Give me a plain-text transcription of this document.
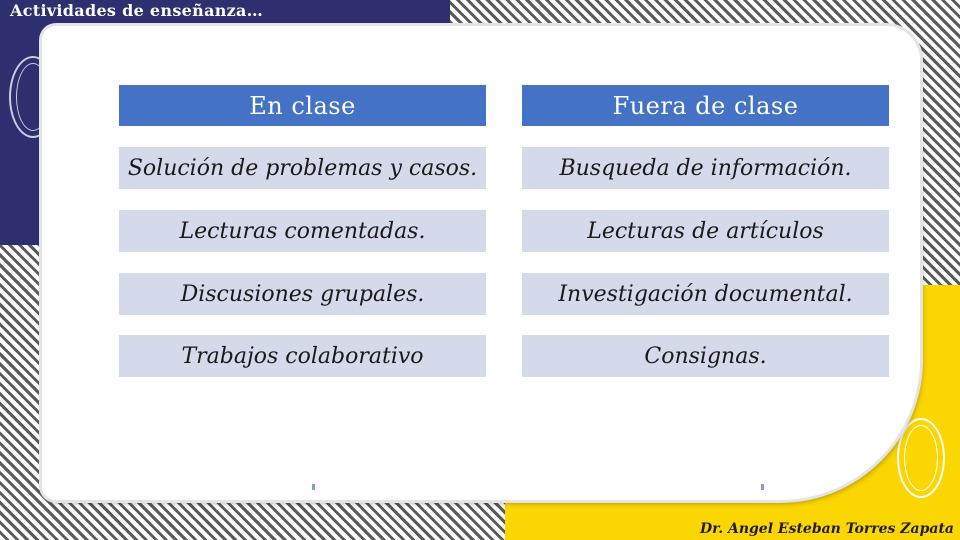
Actividades de enseñanza…
En clase	Fuera de clase
Solución de problemas y casos.
Lecturas comentadas.
Discusiones grupales.
Trabajos colaborativo
Busqueda de información.
Lecturas de artículos
Investigación documental.
Consignas.
Dr. Angel Esteban Torres Zapata
